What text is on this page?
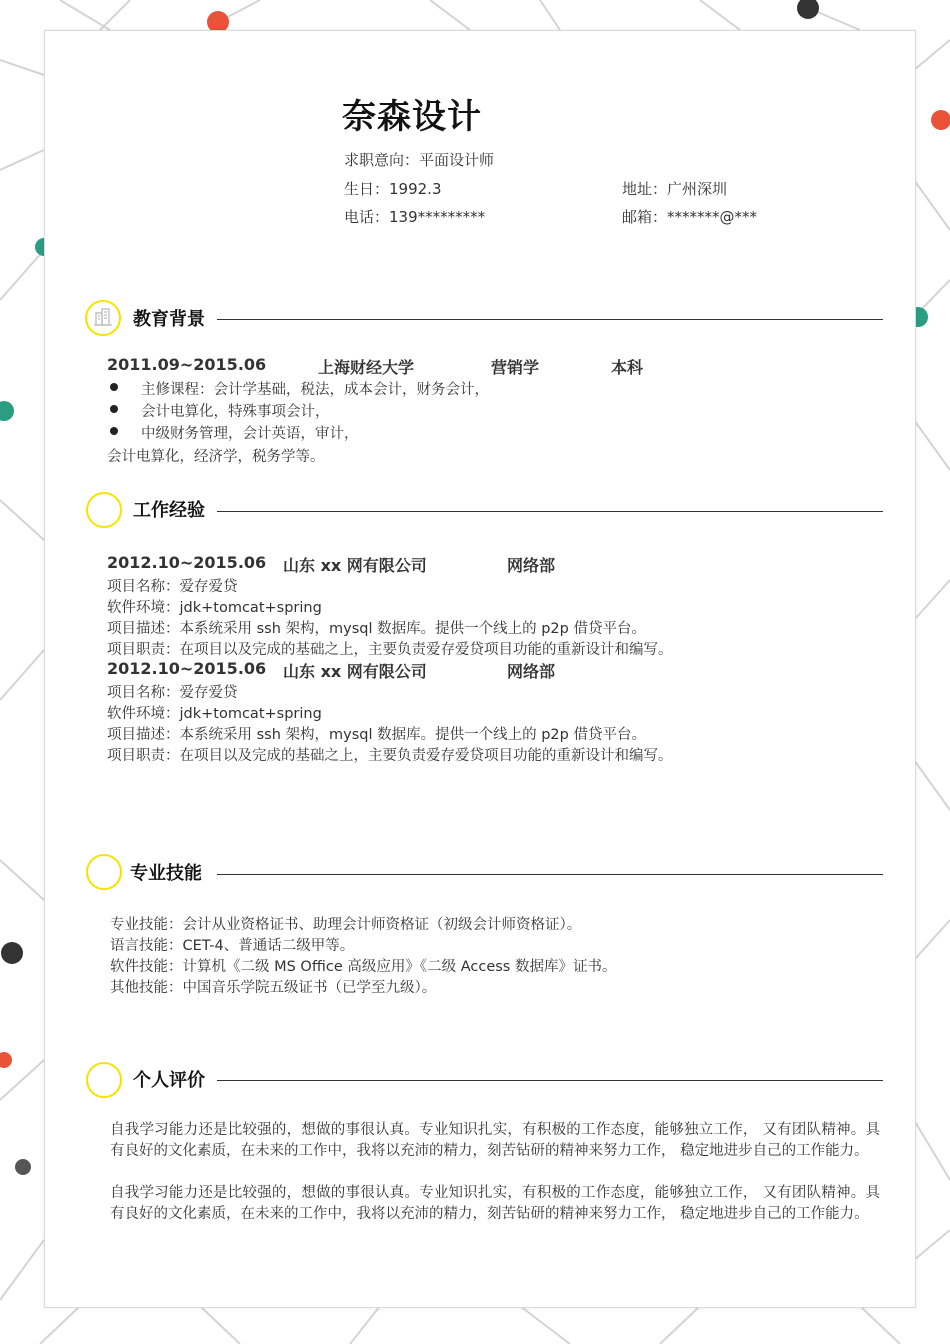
奈森设计
求职意向：平面设计师
生日：1992.3	地址：广州深圳
电话：139*********	邮箱：*******@***
教育背景
2011.09~2015.06	上海财经大学	营销学	本科
主修课程：会计学基础，税法，成本会计，财务会计，
会计电算化，特殊事项会计，
中级财务管理，会计英语，审计，
会计电算化，经济学，税务学等。
工作经验
2012.10~2015.06 山东 xx 网有限公司	网络部
项目名称：爱存爱贷
软件环境：jdk+tomcat+spring
项目描述：本系统采用 ssh 架构，mysql 数据库。提供一个线上的 p2p 借贷平台。
项目职责：在项目以及完成的基础之上，主要负责爱存爱贷项目功能的重新设计和编写。
2012.10~2015.06 山东 xx 网有限公司	网络部
项目名称：爱存爱贷
软件环境：jdk+tomcat+spring
项目描述：本系统采用 ssh 架构，mysql 数据库。提供一个线上的 p2p 借贷平台。
项目职责：在项目以及完成的基础之上，主要负责爱存爱贷项目功能的重新设计和编写。
专业技能
专业技能：会计从业资格证书、助理会计师资格证（初级会计师资格证）。
语言技能：CET-4、普通话二级甲等。
软件技能：计算机《二级 MS Office 高级应用》《二级 Access 数据库》证书。
其他技能：中国音乐学院五级证书（已学至九级）。
个人评价
自我学习能力还是比较强的，想做的事很认真。专业知识扎实，有积极的工作态度，能够独立工作， 又有团队精神。具有良好的文化素质，在未来的工作中，我将以充沛的精力，刻苦钻研的精神来努力工作， 稳定地进步自己的工作能力。
自我学习能力还是比较强的，想做的事很认真。专业知识扎实，有积极的工作态度，能够独立工作， 又有团队精神。具有良好的文化素质，在未来的工作中，我将以充沛的精力，刻苦钻研的精神来努力工作， 稳定地进步自己的工作能力。
